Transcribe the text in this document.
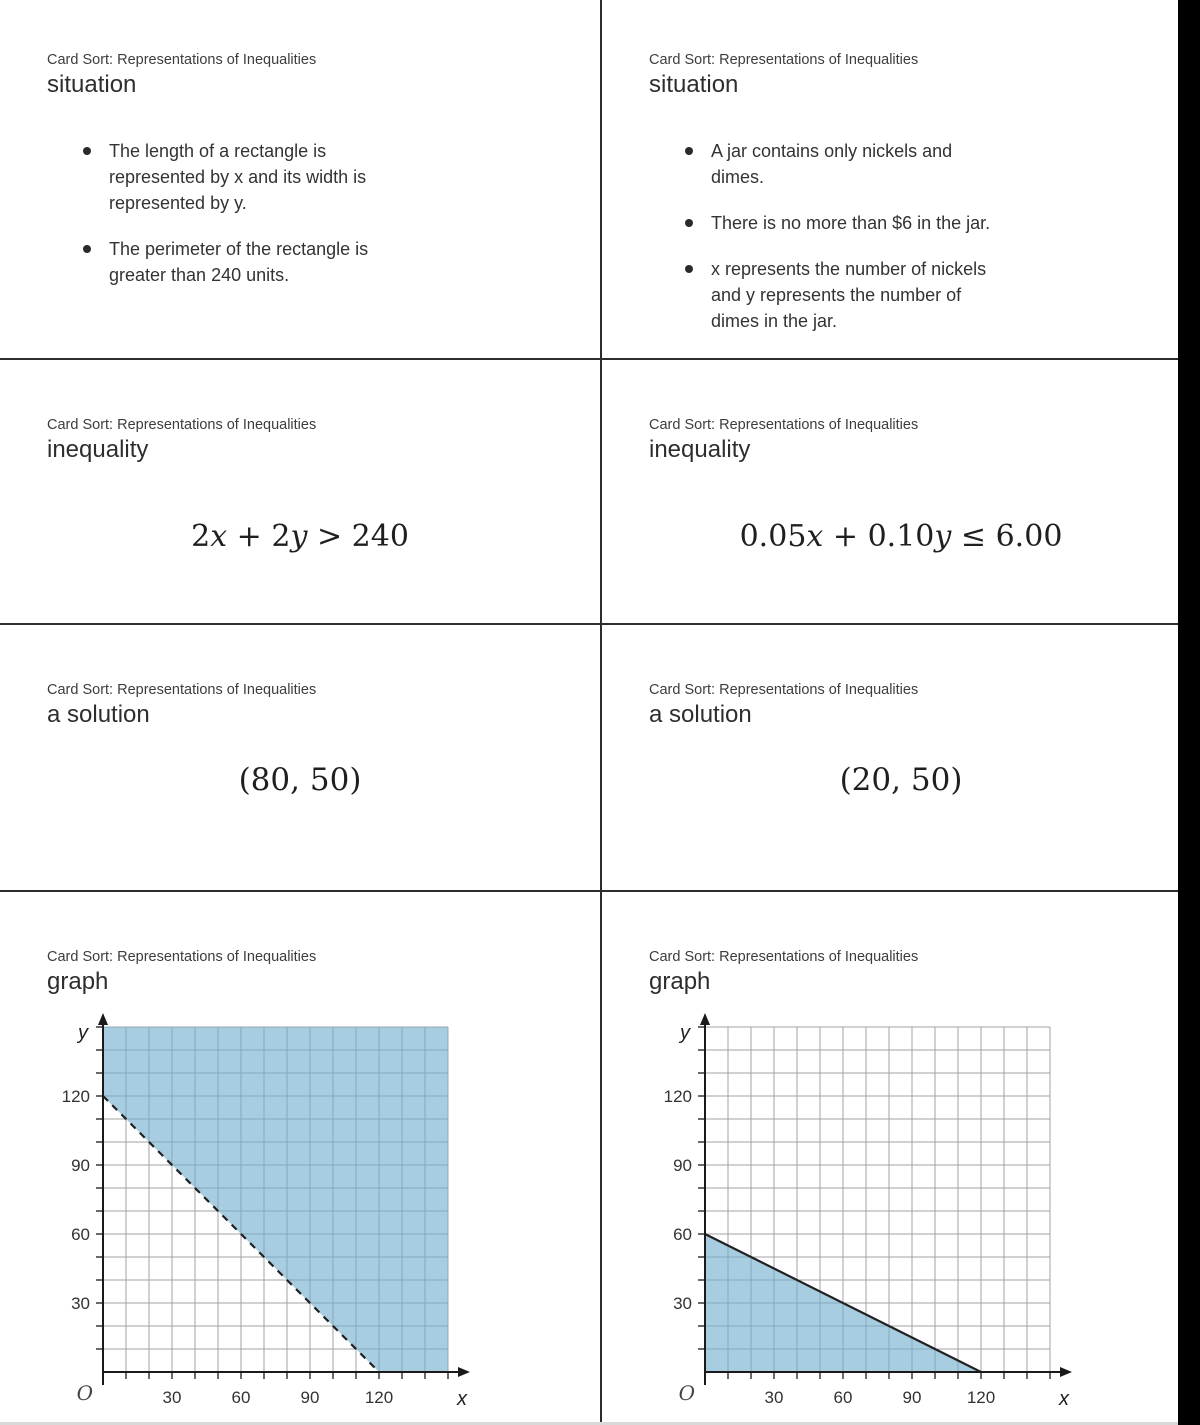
Card Sort: Representations of Inequalities

situation
The length of a rectangle is represented by x and its width is represented by y.
The perimeter of the rectangle is greater than 240 units.

Card Sort: Representations of Inequalities

situation
A jar contains only nickels and dimes.
There is no more than $6 in the jar.
x represents the number of nickels and y represents the number of dimes in the jar.

Card Sort: Representations of Inequalities

inequality
2x + 2y > 240

Card Sort: Representations of Inequalities

inequality
0.05x + 0.10y ≤ 6.00

Card Sort: Representations of Inequalities

a solution
(80, 50)

Card Sort: Representations of Inequalities

a solution
(20, 50)

Card Sort: Representations of Inequalities

graph
30	60	90	120
30
60
90
120
y
x
O

Card Sort: Representations of Inequalities

graph
30	60	90	120
30
60
90
120
y
x
O
